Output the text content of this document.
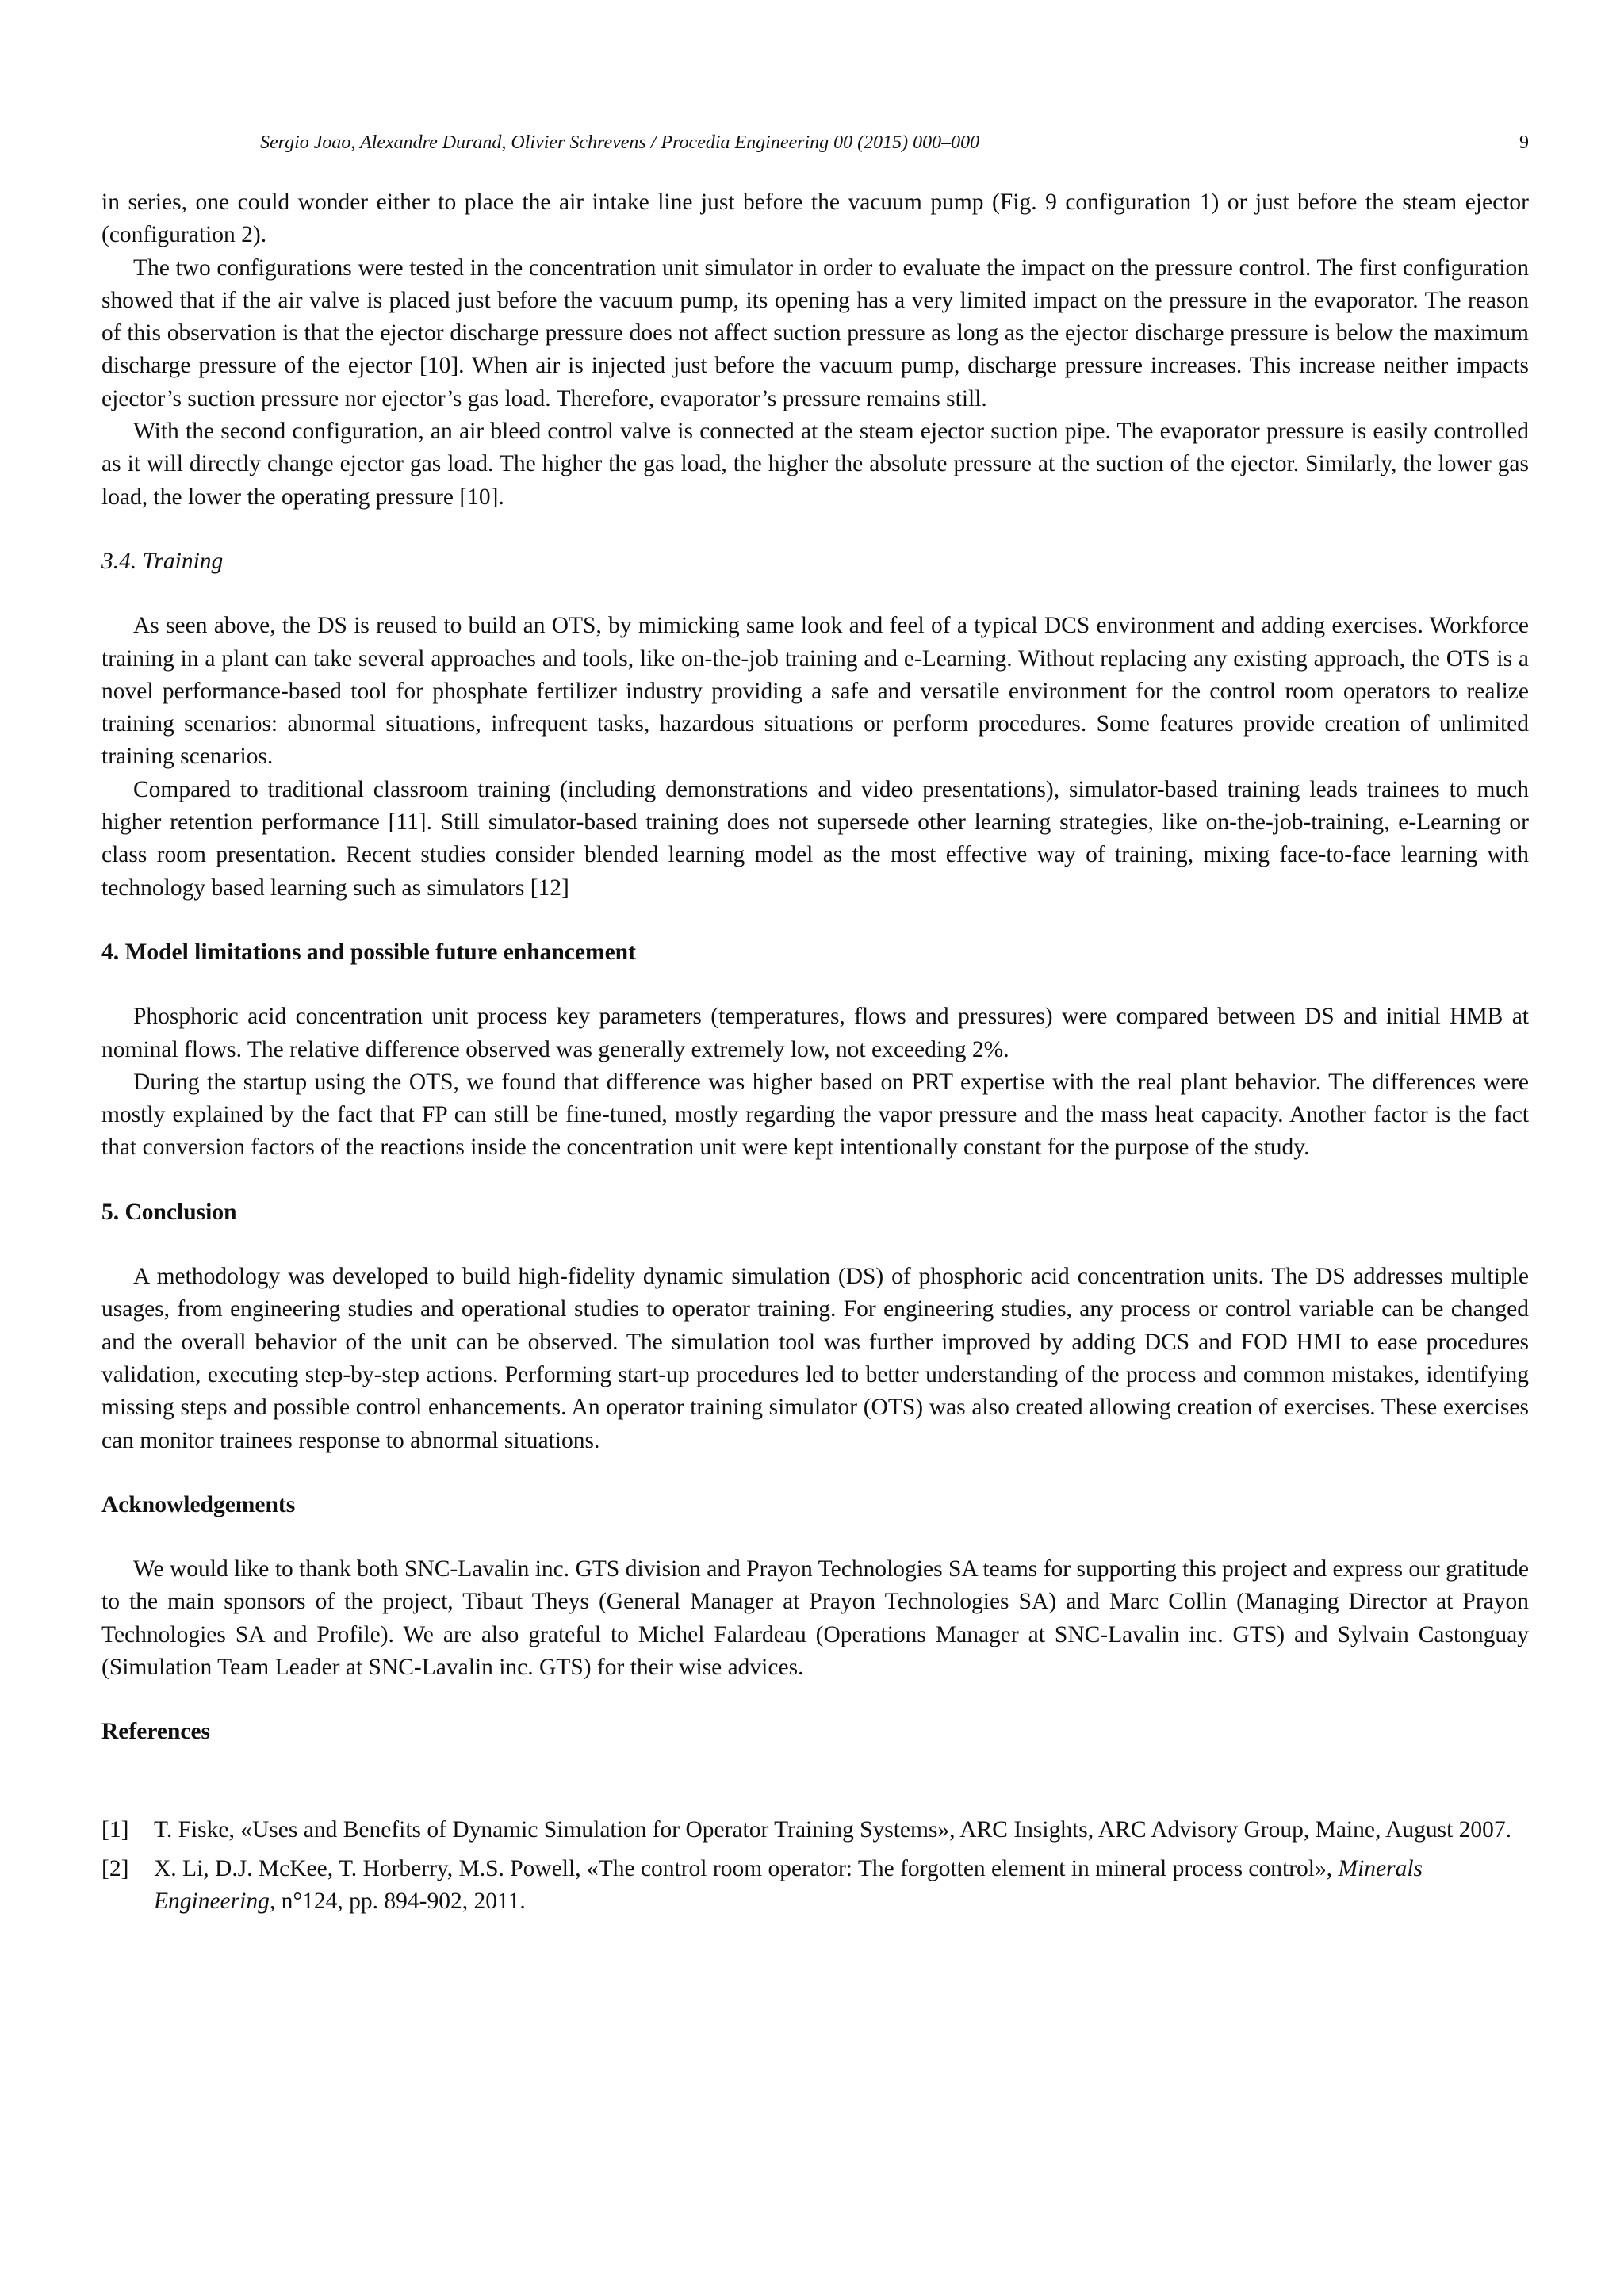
Sergio Joao, Alexandre Durand, Olivier Schrevens / Procedia Engineering 00 (2015) 000–000	9

in series, one could wonder either to place the air intake line just before the vacuum pump (Fig. 9 configuration 1) or just before the steam ejector (configuration 2).

The two configurations were tested in the concentration unit simulator in order to evaluate the impact on the pressure control. The first configuration showed that if the air valve is placed just before the vacuum pump, its opening has a very limited impact on the pressure in the evaporator. The reason of this observation is that the ejector discharge pressure does not affect suction pressure as long as the ejector discharge pressure is below the maximum discharge pressure of the ejector [10]. When air is injected just before the vacuum pump, discharge pressure increases. This increase neither impacts ejector’s suction pressure nor ejector’s gas load. Therefore, evaporator’s pressure remains still.

With the second configuration, an air bleed control valve is connected at the steam ejector suction pipe. The evaporator pressure is easily controlled as it will directly change ejector gas load. The higher the gas load, the higher the absolute pressure at the suction of the ejector. Similarly, the lower gas load, the lower the operating pressure [10].

3.4. Training

As seen above, the DS is reused to build an OTS, by mimicking same look and feel of a typical DCS environment and adding exercises. Workforce training in a plant can take several approaches and tools, like on-the-job training and e-Learning. Without replacing any existing approach, the OTS is a novel performance-based tool for phosphate fertilizer industry providing a safe and versatile environment for the control room operators to realize training scenarios: abnormal situations, infrequent tasks, hazardous situations or perform procedures. Some features provide creation of unlimited training scenarios.

Compared to traditional classroom training (including demonstrations and video presentations), simulator-based training leads trainees to much higher retention performance [11]. Still simulator-based training does not supersede other learning strategies, like on-the-job-training, e-Learning or class room presentation. Recent studies consider blended learning model as the most effective way of training, mixing face-to-face learning with technology based learning such as simulators [12]

4. Model limitations and possible future enhancement

Phosphoric acid concentration unit process key parameters (temperatures, flows and pressures) were compared between DS and initial HMB at nominal flows. The relative difference observed was generally extremely low, not exceeding 2%.

During the startup using the OTS, we found that difference was higher based on PRT expertise with the real plant behavior. The differences were mostly explained by the fact that FP can still be fine-tuned, mostly regarding the vapor pressure and the mass heat capacity. Another factor is the fact that conversion factors of the reactions inside the concentration unit were kept intentionally constant for the purpose of the study.

5. Conclusion

A methodology was developed to build high-fidelity dynamic simulation (DS) of phosphoric acid concentration units. The DS addresses multiple usages, from engineering studies and operational studies to operator training. For engineering studies, any process or control variable can be changed and the overall behavior of the unit can be observed. The simulation tool was further improved by adding DCS and FOD HMI to ease procedures validation, executing step-by-step actions. Performing start-up procedures led to better understanding of the process and common mistakes, identifying missing steps and possible control enhancements. An operator training simulator (OTS) was also created allowing creation of exercises. These exercises can monitor trainees response to abnormal situations.

Acknowledgements

We would like to thank both SNC-Lavalin inc. GTS division and Prayon Technologies SA teams for supporting this project and express our gratitude to the main sponsors of the project, Tibaut Theys (General Manager at Prayon Technologies SA) and Marc Collin (Managing Director at Prayon Technologies SA and Profile). We are also grateful to Michel Falardeau (Operations Manager at SNC-Lavalin inc. GTS) and Sylvain Castonguay (Simulation Team Leader at SNC-Lavalin inc. GTS) for their wise advices.

References
[1] T. Fiske, «Uses and Benefits of Dynamic Simulation for Operator Training Systems», ARC Insights, ARC Advisory Group, Maine, August 2007.
[2] X. Li, D.J. McKee, T. Horberry, M.S. Powell, «The control room operator: The forgotten element in mineral process control», Minerals Engineering, n°124, pp. 894-902, 2011.
